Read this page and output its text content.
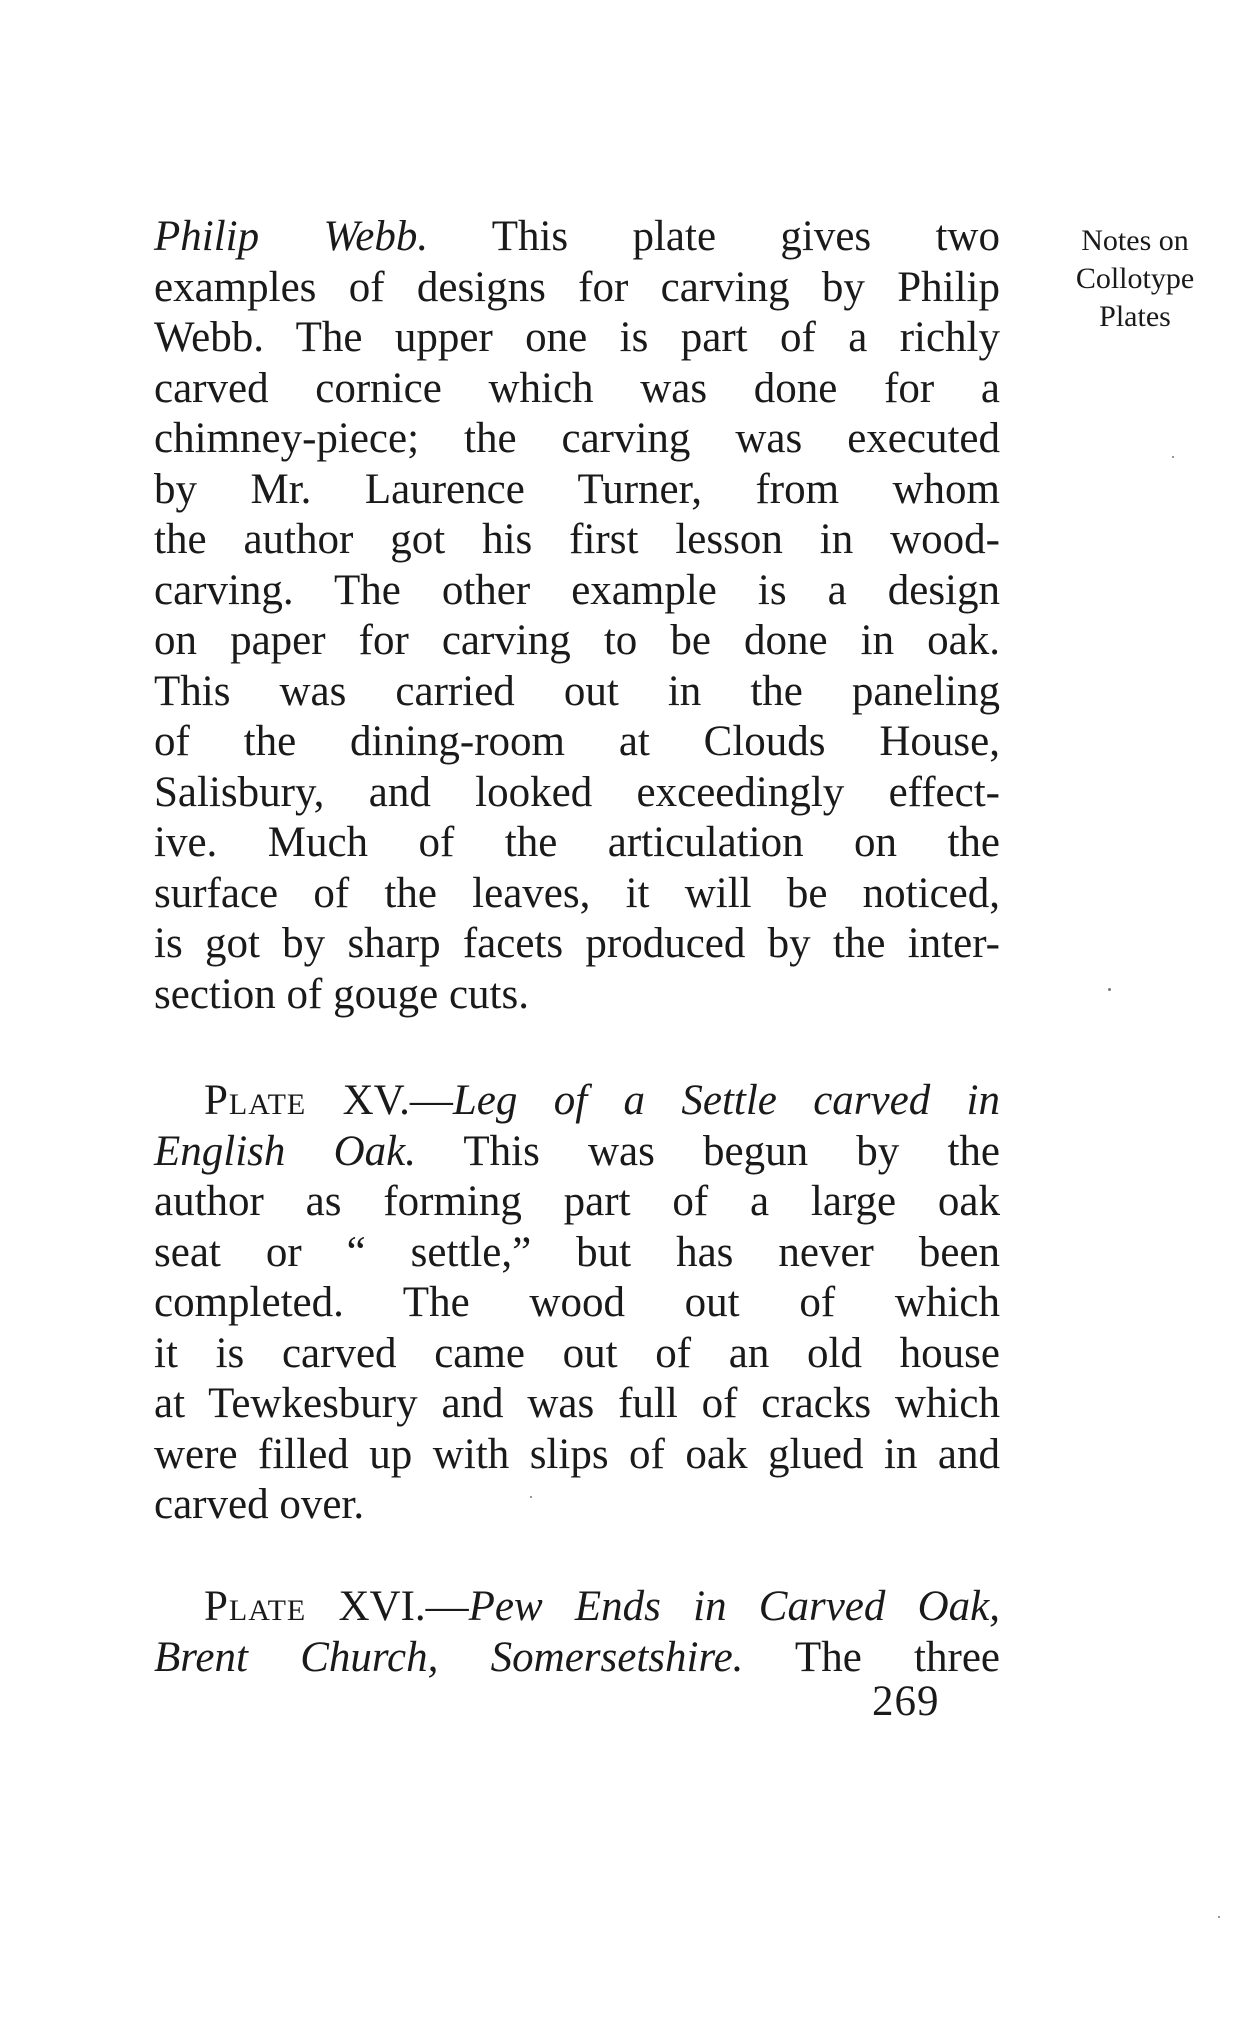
Notes on
Collotype
Plates
Philip Webb. This plate gives two
examples of designs for carving by Philip
Webb. The upper one is part of a richly
carved cornice which was done for a
chimney-piece; the carving was executed
by Mr. Laurence Turner, from whom
the author got his first lesson in wood-
carving. The other example is a design
on paper for carving to be done in oak.
This was carried out in the paneling
of the dining-room at Clouds House,
Salisbury, and looked exceedingly effect-
ive. Much of the articulation on the
surface of the leaves, it will be noticed,
is got by sharp facets produced by the inter-
section of gouge cuts.
Plate XV.—Leg of a Settle carved in
English Oak. This was begun by the
author as forming part of a large oak
seat or “ settle,” but has never been
completed. The wood out of which
it is carved came out of an old house
at Tewkesbury and was full of cracks which
were filled up with slips of oak glued in and
carved over.
Plate XVI.—Pew Ends in Carved Oak,
Brent Church, Somersetshire. The three
269
